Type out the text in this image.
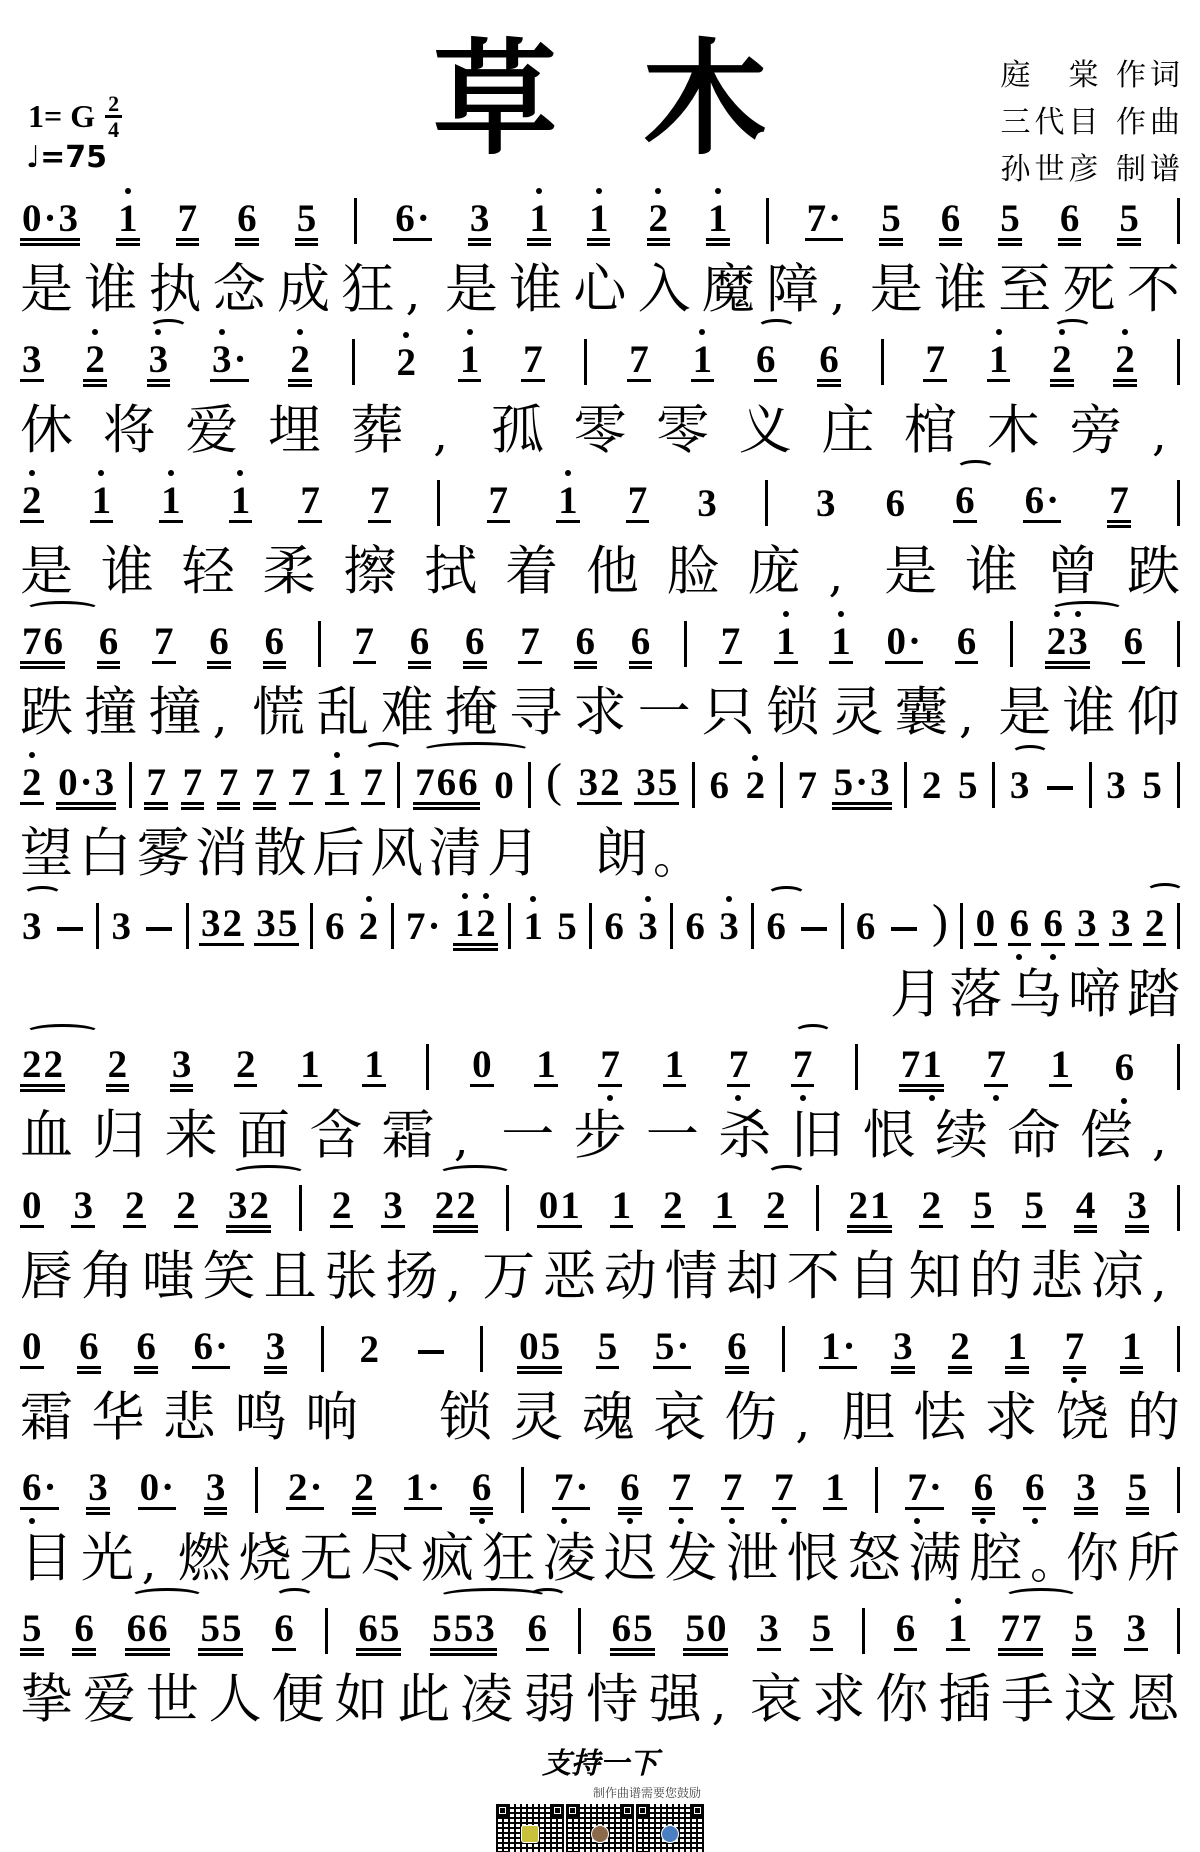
1= G $\frac{2}{4}$
♩=75	草 木	庭　棠 作词
三代目 作曲
孙世彦 制谱
0 · 3 1 7 6 5 6 · 3 1 1 2 1 7 · 5 6 5 6 5
是 谁 执 念 成 狂 , 是 谁 心 入 魔 障 , 是 谁 至 死 不
3 2 3 3 · 2 2 1 7 7 1 6 6 7 1 2 2
休 将 爱 埋 葬 , 孤 零 零 义 庄 棺 木 旁 ,
2 1 1 1 7 7	7 1 7 3	3 6 6 6 · 7
是 谁 轻 柔 擦 拭 着 他 脸 庞 , 是 谁 曾 跌
7 6 6 7 6 6 7 6 6 7 6 6 7 1 1 0 · 6 2 3 6
跌 撞 撞 , 慌 乱 难 掩 寻 求 一 只 锁 灵 囊 , 是 谁 仰
2 0 · 3 7 7 7 7 7 1 7 7 6 6 0 ( 3 2 3 5 6 2 7 5 · 3 2 5 3 3 5
望 白 雾 消 散 后 风 清 月 朗 。
3 3 3 2 3 5 6 2 7 · 1 2 1 5 6 3 6 3 6 6 ) 0 6 6 3 3 2
月 落 乌 啼 踏
2 2 2 3 2 1 1 0 1 7 1 7 7 7 1 7 1 6
血 归 来 面 含 霜 , 一 步 一 杀 旧 恨 续 命 偿 ,
0 3 2 2 3 2 2 3 2 2 0 1 1 2 1 2 2 1 2 5 5 4 3
唇 角 嗤 笑 且 张 扬 , 万 恶 动 情 却 不 自 知 的 悲 凉 ,
0 6 6 6 · 3 2	0 5 5 5 · 6 1 · 3 2 1 7 1
霜 华 悲 鸣 响 锁 灵 魂 哀 伤 , 胆 怯 求 饶 的
6 · 3 0 · 3 2 · 2 1 · 6 7 · 6 7 7 7 1 7 · 6 6 3 5
目 光 , 燃 烧 无 尽 疯 狂 凌 迟 发 泄 恨 怒 满 腔 。
你 所
5 6 6 6 5 5 6 6 5 5 5 3 6 6 5 5 0 3 5 6 1 7 7 5 3
挚 爱 世 人 便 如 此 凌 弱 恃 强 , 哀 求 你 插 手 这 恩
支持一下
制作曲谱需要您鼓励
